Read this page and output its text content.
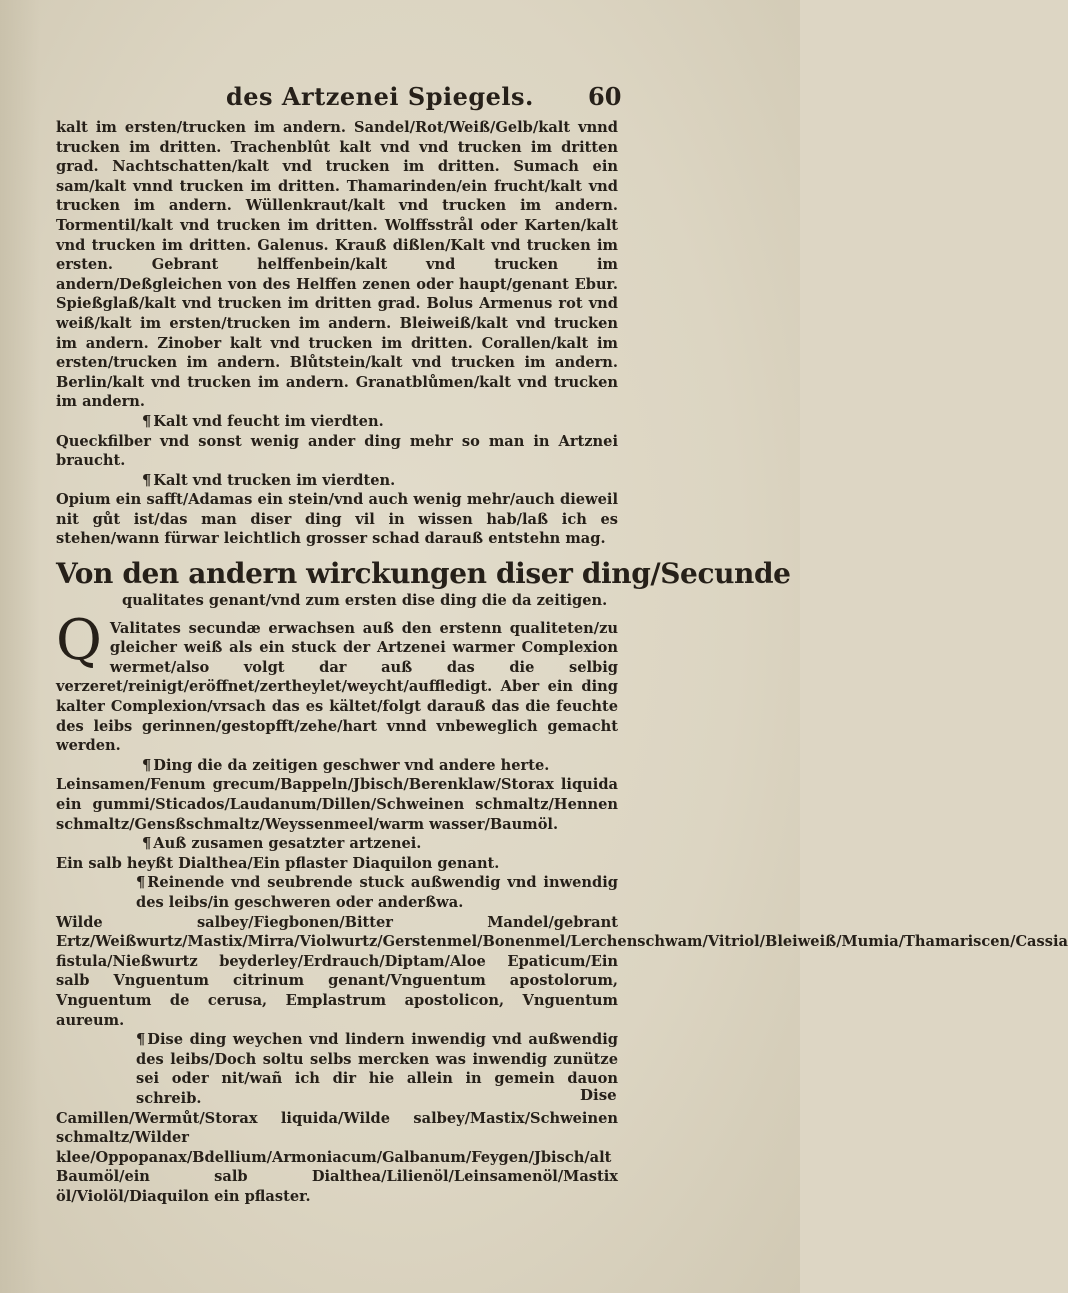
des Artzenei Spiegels. 60

kalt im ersten/trucken im andern. Sandel/Rot/Weiß/Gelb/kalt vnnd trucken im dritten. Trachenblût kalt vnd vnd trucken im dritten grad. Nachtschatten/kalt vnd trucken im dritten. Sumach ein sam/kalt vnnd trucken im dritten. Thamarinden/ein frucht/kalt vnd trucken im andern. Wüllenkraut/kalt vnd trucken im andern. Tormentil/kalt vnd trucken im dritten. Wolffsstrål oder Karten/kalt vnd trucken im dritten. Galenus. Krauß dißlen/Kalt vnd trucken im ersten. Gebrant helffenbein/kalt vnd trucken im andern/Deßgleichen von des Helffen zenen oder haupt/genant Ebur. Spießglaß/kalt vnd trucken im dritten grad. Bolus Armenus rot vnd weiß/kalt im ersten/trucken im andern. Bleiweiß/kalt vnd trucken im andern. Zinober kalt vnd trucken im dritten. Corallen/kalt im ersten/trucken im andern. Blůtstein/kalt vnd trucken im andern. Berlin/kalt vnd trucken im andern. Granatblůmen/kalt vnd trucken im andern.

¶ Kalt vnd feucht im vierdten.

Queckfilber vnd sonst wenig ander ding mehr so man in Artznei braucht.

¶ Kalt vnd trucken im vierdten.

Opium ein safft/Adamas ein stein/vnd auch wenig mehr/auch dieweil nit gůt ist/das man diser ding vil in wissen hab/laß ich es stehen/wann fürwar leichtlich grosser schad darauß entstehn mag.

Von den andern wirckungen diser ding/Secunde

qualitates genant/vnd zum ersten dise ding die da zeitigen.

Q Valitates secundæ erwachsen auß den erstenn qualiteten/zu gleicher weiß als ein stuck der Artzenei warmer Complexion wermet/also volgt dar auß das die selbig verzeret/reinigt/eröffnet/zertheylet/weycht/auffledigt. Aber ein ding kalter Complexion/vrsach das es kältet/folgt darauß das die feuchte des leibs gerinnen/gestopfft/zehe/hart vnnd vnbeweglich gemacht werden.

¶ Ding die da zeitigen geschwer vnd andere herte.

Leinsamen/Fenum grecum/Bappeln/Jbisch/Berenklaw/Storax liquida ein gummi/Sticados/Laudanum/Dillen/Schweinen schmaltz/Hennen schmaltz/Gensßschmaltz/Weyssenmeel/warm wasser/Baumöl.

¶ Auß zusamen gesatzter artzenei.

Ein salb heyßt Dialthea/Ein pflaster Diaquilon genant.

¶ Reinende vnd seubrende stuck außwendig vnd inwendig des leibs/in geschweren oder anderßwa.

Wilde salbey/Fiegbonen/Bitter Mandel/gebrant Ertz/Weißwurtz/Mastix/Mirra/Violwurtz/Gerstenmel/Bonenmel/Lerchenschwam/Vitriol/Bleiweiß/Mumia/Thamariscen/Cassia fistula/Nießwurtz beyderley/Erdrauch/Diptam/Aloe Epaticum/Ein salb Vnguentum citrinum genant/Vnguentum apostolorum, Vnguentum de cerusa, Emplastrum apostolicon, Vnguentum aureum.

¶ Dise ding weychen vnd lindern inwendig vnd außwendig des leibs/Doch soltu selbs mercken was inwendig zunütze sei oder nit/wañ ich dir hie allein in gemein dauon schreib.

Camillen/Wermůt/Storax liquida/Wilde salbey/Mastix/Schweinen schmaltz/Wilder klee/Oppopanax/Bdellium/Armoniacum/Galbanum/Feygen/Jbisch/alt Baumöl/ein salb Dialthea/Lilienöl/Leinsamenöl/Mastix öl/Violöl/Diaquilon ein pflaster.

Dise
